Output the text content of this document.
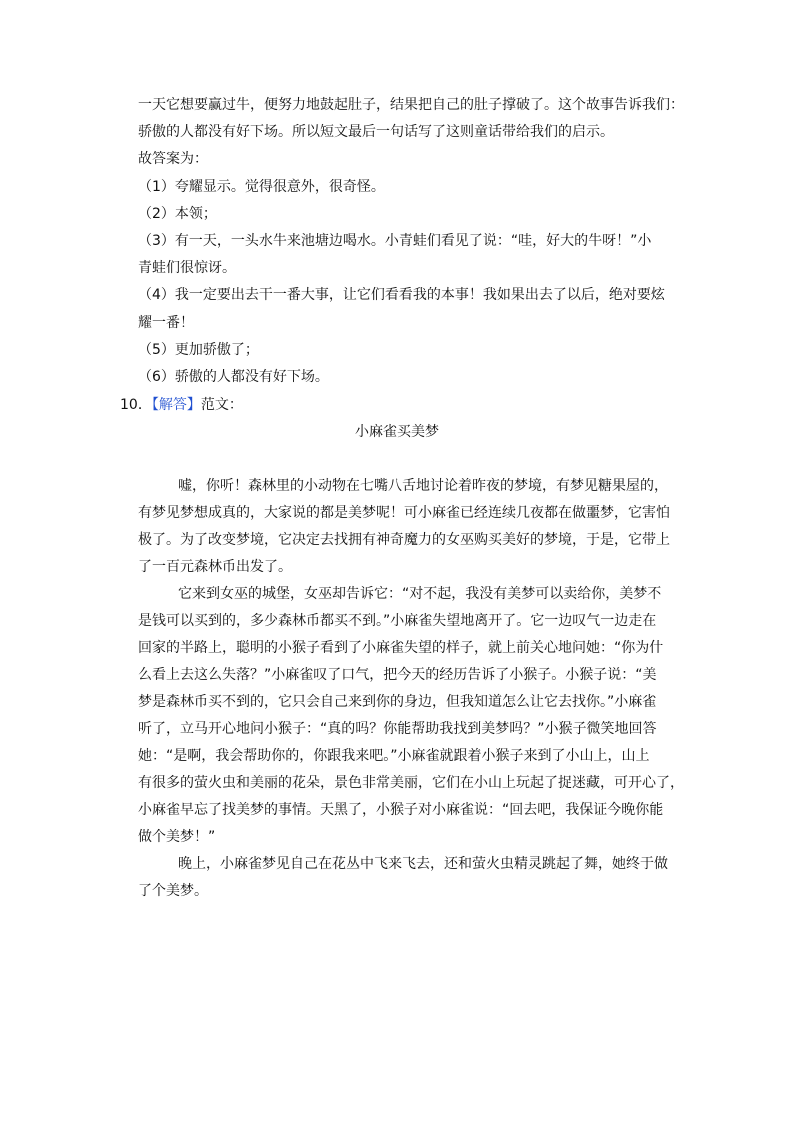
一天它想要赢过牛，便努力地鼓起肚子，结果把自己的肚子撑破了。这个故事告诉我们：
骄傲的人都没有好下场。所以短文最后一句话写了这则童话带给我们的启示。
故答案为：
（1）夸耀显示。觉得很意外，很奇怪。
（2）本领；
（3）有一天，一头水牛来池塘边喝水。小青蛙们看见了说：“哇，好大的牛呀！”小
青蛙们很惊讶。
（4）我一定要出去干一番大事，让它们看看我的本事！我如果出去了以后，绝对要炫
耀一番！
（5）更加骄傲了；
（6）骄傲的人都没有好下场。
10．【解答】范文：
小麻雀买美梦
嘘，你听！森林里的小动物在七嘴八舌地讨论着昨夜的梦境，有梦见糖果屋的，
有梦见梦想成真的，大家说的都是美梦呢！可小麻雀已经连续几夜都在做噩梦，它害怕
极了。为了改变梦境，它决定去找拥有神奇魔力的女巫购买美好的梦境，于是，它带上
了一百元森林币出发了。
它来到女巫的城堡，女巫却告诉它：“对不起，我没有美梦可以卖给你，美梦不
是钱可以买到的，多少森林币都买不到。”小麻雀失望地离开了。它一边叹气一边走在
回家的半路上，聪明的小猴子看到了小麻雀失望的样子，就上前关心地问她：“你为什
么看上去这么失落？”小麻雀叹了口气，把今天的经历告诉了小猴子。小猴子说：“美
梦是森林币买不到的，它只会自己来到你的身边，但我知道怎么让它去找你。”小麻雀
听了，立马开心地问小猴子：“真的吗？你能帮助我找到美梦吗？”小猴子微笑地回答
她：“是啊，我会帮助你的，你跟我来吧。”小麻雀就跟着小猴子来到了小山上，山上
有很多的萤火虫和美丽的花朵，景色非常美丽，它们在小山上玩起了捉迷藏，可开心了，
小麻雀早忘了找美梦的事情。天黑了，小猴子对小麻雀说：“回去吧，我保证今晚你能
做个美梦！”
晚上，小麻雀梦见自己在花丛中飞来飞去，还和萤火虫精灵跳起了舞，她终于做
了个美梦。
